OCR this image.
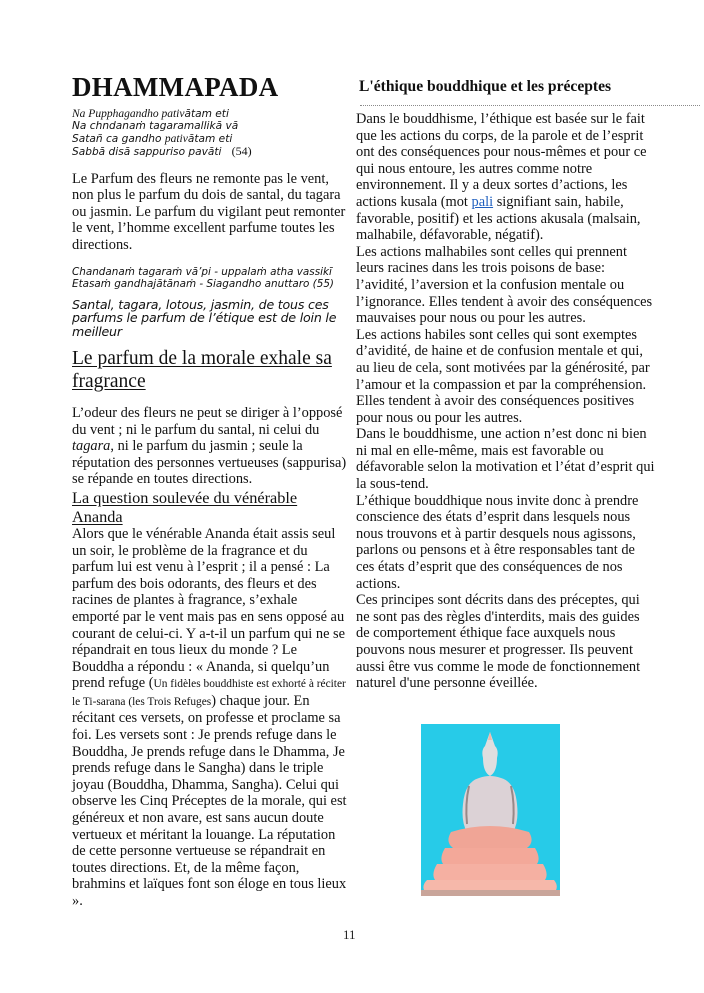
DHAMMAPADA
Na Pupphagandho pativātam eti
Na chndanaṁ tagaramallikā vā
Satañ ca gandho pativātam eti
Sabbā disā sappuriso pavāti (54)

Le Parfum des fleurs ne remonte pas le vent, non plus le parfum du dois de santal, du tagara ou jasmin. Le parfum du vigilant peut remonter le vent, l’homme excellent parfume toutes les directions.

Chandanaṁ tagaraṁ vā’pi - uppalaṁ atha vassikī
Etasaṁ gandhajātānaṁ - Siagandho anuttaro (55)

Santal, tagara, lotous, jasmin, de tous ces parfums le parfum de l’étique est de loin le meilleur

Le parfum de la morale exhale sa fragrance

L’odeur des fleurs ne peut se diriger à l’opposé du vent ; ni le parfum du santal, ni celui du tagara, ni le parfum du jasmin ; seule la réputation des personnes vertueuses (sappurisa) se répande en toutes directions.

La question soulevée du vénérable Ananda

Alors que le vénérable Ananda était assis seul un soir, le problème de la fragrance et du parfum lui est venu à l’esprit ; il a pensé : La parfum des bois odorants, des fleurs et des racines de plantes à fragrance, s’exhale emporté par le vent mais pas en sens opposé au courant de celui-ci. Y a-t-il un parfum qui ne se répandrait en tous lieux du monde ? Le Bouddha a répondu : « Ananda, si quelqu’un prend refuge (Un fidèles bouddhiste est exhorté à réciter le Ti-sarana (les Trois Refuges) chaque jour. En récitant ces versets, on professe et proclame sa foi. Les versets sont : Je prends refuge dans le Bouddha, Je prends refuge dans le Dhamma, Je prends refuge dans le Sangha) dans le triple joyau (Bouddha, Dhamma, Sangha). Celui qui observe les Cinq Préceptes de la morale, qui est généreux et non avare, est sans aucun doute vertueux et méritant la louange. La réputation de cette personne vertueuse se répandrait en toutes directions. Et, de la même façon, brahmins et laïques font son éloge en tous lieux ».

L'éthique bouddhique et les préceptes

Dans le bouddhisme, l’éthique est basée sur le fait que les actions du corps, de la parole et de l’esprit ont des conséquences pour nous-mêmes et pour ce qui nous entoure, les autres comme notre environnement. Il y a deux sortes d’actions, les actions kusala (mot pali signifiant sain, habile, favorable, positif) et les actions akusala (malsain, malhabile, défavorable, négatif).

Les actions malhabiles sont celles qui prennent leurs racines dans les trois poisons de base: l’avidité, l’aversion et la confusion mentale ou l’ignorance. Elles tendent à avoir des conséquences mauvaises pour nous ou pour les autres.

Les actions habiles sont celles qui sont exemptes d’avidité, de haine et de confusion mentale et qui, au lieu de cela, sont motivées par la générosité, par l’amour et la compassion et par la compréhension. Elles tendent à avoir des conséquences positives pour nous ou pour les autres.

Dans le bouddhisme, une action n’est donc ni bien ni mal en elle-même, mais est favorable ou défavorable selon la motivation et l’état d’esprit qui la sous-tend.

L’éthique bouddhique nous invite donc à prendre conscience des états d’esprit dans lesquels nous nous trouvons et à partir desquels nous agissons, parlons ou pensons et à être responsables tant de ces états d’esprit que des conséquences de nos actions.

Ces principes sont décrits dans des préceptes, qui ne sont pas des règles d'interdits, mais des guides de comportement éthique face auxquels nous pouvons nous mesurer et progresser. Ils peuvent aussi être vus comme le mode de fonctionnement naturel d'une personne éveillée.

11
